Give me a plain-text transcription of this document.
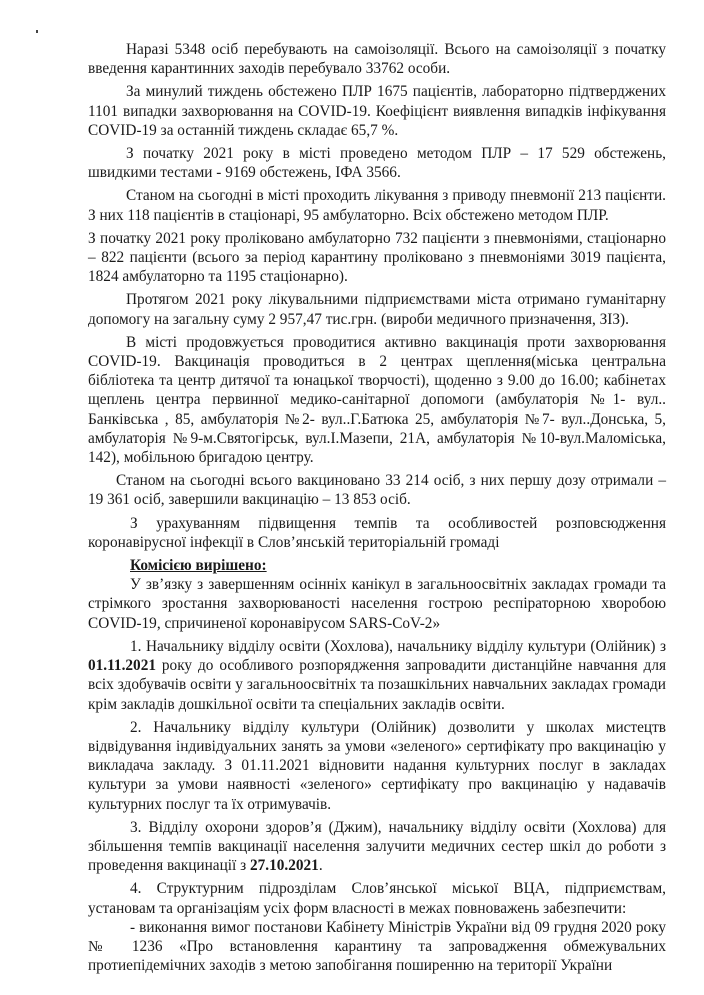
Наразі 5348 осіб перебувають на самоізоляції. Всього на самоізоляції з початку введення карантинних заходів перебувало 33762 особи.

За минулий тиждень обстежено ПЛР 1675 пацієнтів, лабораторно підтверджених 1101 випадки захворювання на COVID-19. Коефіцієнт виявлення випадків інфікування COVID-19 за останній тиждень складає 65,7 %.

З початку 2021 року в місті проведено методом ПЛР – 17 529 обстежень, швидкими тестами - 9169 обстежень, ІФА 3566.

Станом на сьогодні в місті проходить лікування з приводу пневмонії 213 пацієнти. З них 118 пацієнтів в стаціонарі, 95 амбулаторно. Всіх обстежено методом ПЛР.

З початку 2021 року проліковано амбулаторно 732 пацієнти з пневмоніями, стаціонарно – 822 пацієнти (всього за період карантину проліковано з пневмоніями 3019 пацієнта, 1824 амбулаторно та 1195 стаціонарно).

Протягом 2021 року лікувальними підприємствами міста отримано гуманітарну допомогу на загальну суму 2 957,47 тис.грн. (вироби медичного призначення, ЗІЗ).

В місті продовжується проводитися активно вакцинація проти захворювання COVID-19. Вакцинація проводиться в 2 центрах щеплення(міська центральна бібліотека та центр дитячої та юнацької творчості), щоденно з 9.00 до 16.00; кабінетах щеплень центра первинної медико-санітарної допомоги (амбулаторія №1- вул.. Банківська , 85, амбулаторія №2- вул..Г.Батюка 25, амбулаторія №7- вул..Донська, 5, амбулаторія №9-м.Святогірськ, вул.І.Мазепи, 21А, амбулаторія №10-вул.Маломіська, 142), мобільною бригадою центру.

Станом на сьогодні всього вакциновано 33 214 осіб, з них першу дозу отримали – 19 361 осіб, завершили вакцинацію – 13 853 осіб.

З урахуванням підвищення темпів та особливостей розповсюдження коронавірусної інфекції в Слов’янській територіальній громаді

Комісією вирішено:

У зв’язку з завершенням осінніх канікул в загальноосвітніх закладах громади та стрімкого зростання захворюваності населення гострою респіраторною хворобою COVID-19, спричиненої коронавірусом SARS-CoV-2»

1. Начальнику відділу освіти (Хохлова), начальнику відділу культури (Олійник) з 01.11.2021 року до особливого розпорядження запровадити дистанційне навчання для всіх здобувачів освіти у загальноосвітніх та позашкільних навчальних закладах громади крім закладів дошкільної освіти та спеціальних закладів освіти.

2. Начальнику відділу культури (Олійник) дозволити у школах мистецтв відвідування індивідуальних занять за умови «зеленого» сертифікату про вакцинацію у викладача закладу. З 01.11.2021 відновити надання культурних послуг в закладах культури за умови наявності «зеленого» сертифікату про вакцинацію у надавачів культурних послуг та їх отримувачів.

3. Відділу охорони здоров’я (Джим), начальнику відділу освіти (Хохлова) для збільшення темпів вакцинації населення залучити медичних сестер шкіл до роботи з проведення вакцинації з 27.10.2021.

4. Структурним підрозділам Слов’янської міської ВЦА, підприємствам, установам та організаціям усіх форм власності в межах повноважень забезпечити:

- виконання вимог постанови Кабінету Міністрів України від 09 грудня 2020 року № 1236 «Про встановлення карантину та запровадження обмежувальних протиепідемічних заходів з метою запобігання поширенню на території України
